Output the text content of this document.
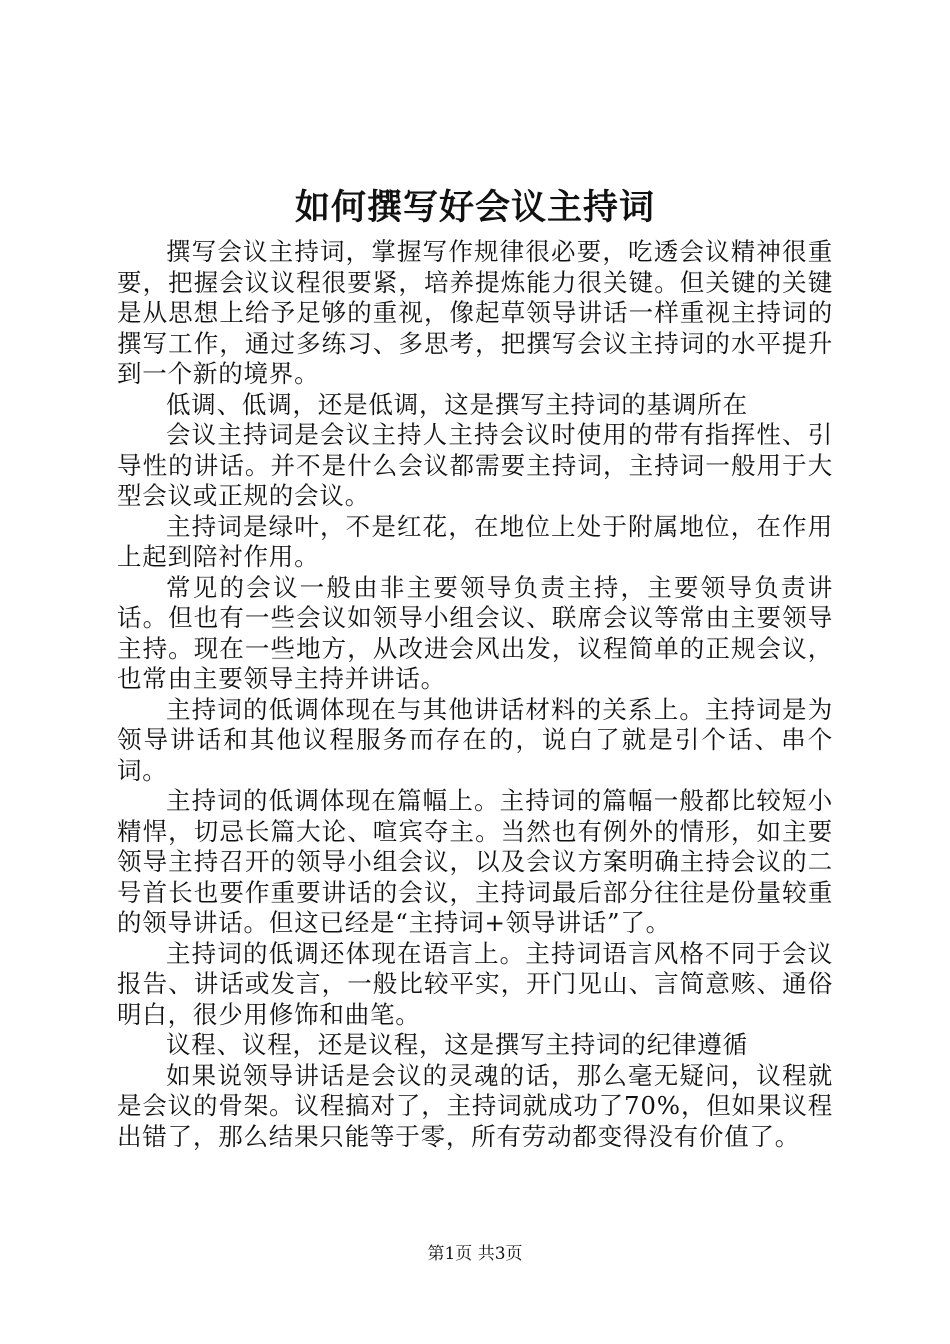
如何撰写好会议主持词

撰写会议主持词，掌握写作规律很必要，吃透会议精神很重要，把握会议议程很要紧，培养提炼能力很关键。但关键的关键是从思想上给予足够的重视，像起草领导讲话一样重视主持词的撰写工作，通过多练习、多思考，把撰写会议主持词的水平提升到一个新的境界。

低调、低调，还是低调，这是撰写主持词的基调所在

会议主持词是会议主持人主持会议时使用的带有指挥性、引导性的讲话。并不是什么会议都需要主持词，主持词一般用于大型会议或正规的会议。

主持词是绿叶，不是红花，在地位上处于附属地位，在作用上起到陪衬作用。

常见的会议一般由非主要领导负责主持，主要领导负责讲话。但也有一些会议如领导小组会议、联席会议等常由主要领导主持。现在一些地方，从改进会风出发，议程简单的正规会议，也常由主要领导主持并讲话。

主持词的低调体现在与其他讲话材料的关系上。主持词是为领导讲话和其他议程服务而存在的，说白了就是引个话、串个词。

主持词的低调体现在篇幅上。主持词的篇幅一般都比较短小精悍，切忌长篇大论、喧宾夺主。当然也有例外的情形，如主要领导主持召开的领导小组会议，以及会议方案明确主持会议的二号首长也要作重要讲话的会议，主持词最后部分往往是份量较重的领导讲话。但这已经是“主持词+领导讲话”了。

主持词的低调还体现在语言上。主持词语言风格不同于会议报告、讲话或发言，一般比较平实，开门见山、言简意赅、通俗明白，很少用修饰和曲笔。

议程、议程，还是议程，这是撰写主持词的纪律遵循

如果说领导讲话是会议的灵魂的话，那么毫无疑问，议程就是会议的骨架。议程搞对了，主持词就成功了70%，但如果议程出错了，那么结果只能等于零，所有劳动都变得没有价值了。

第1页 共3页
